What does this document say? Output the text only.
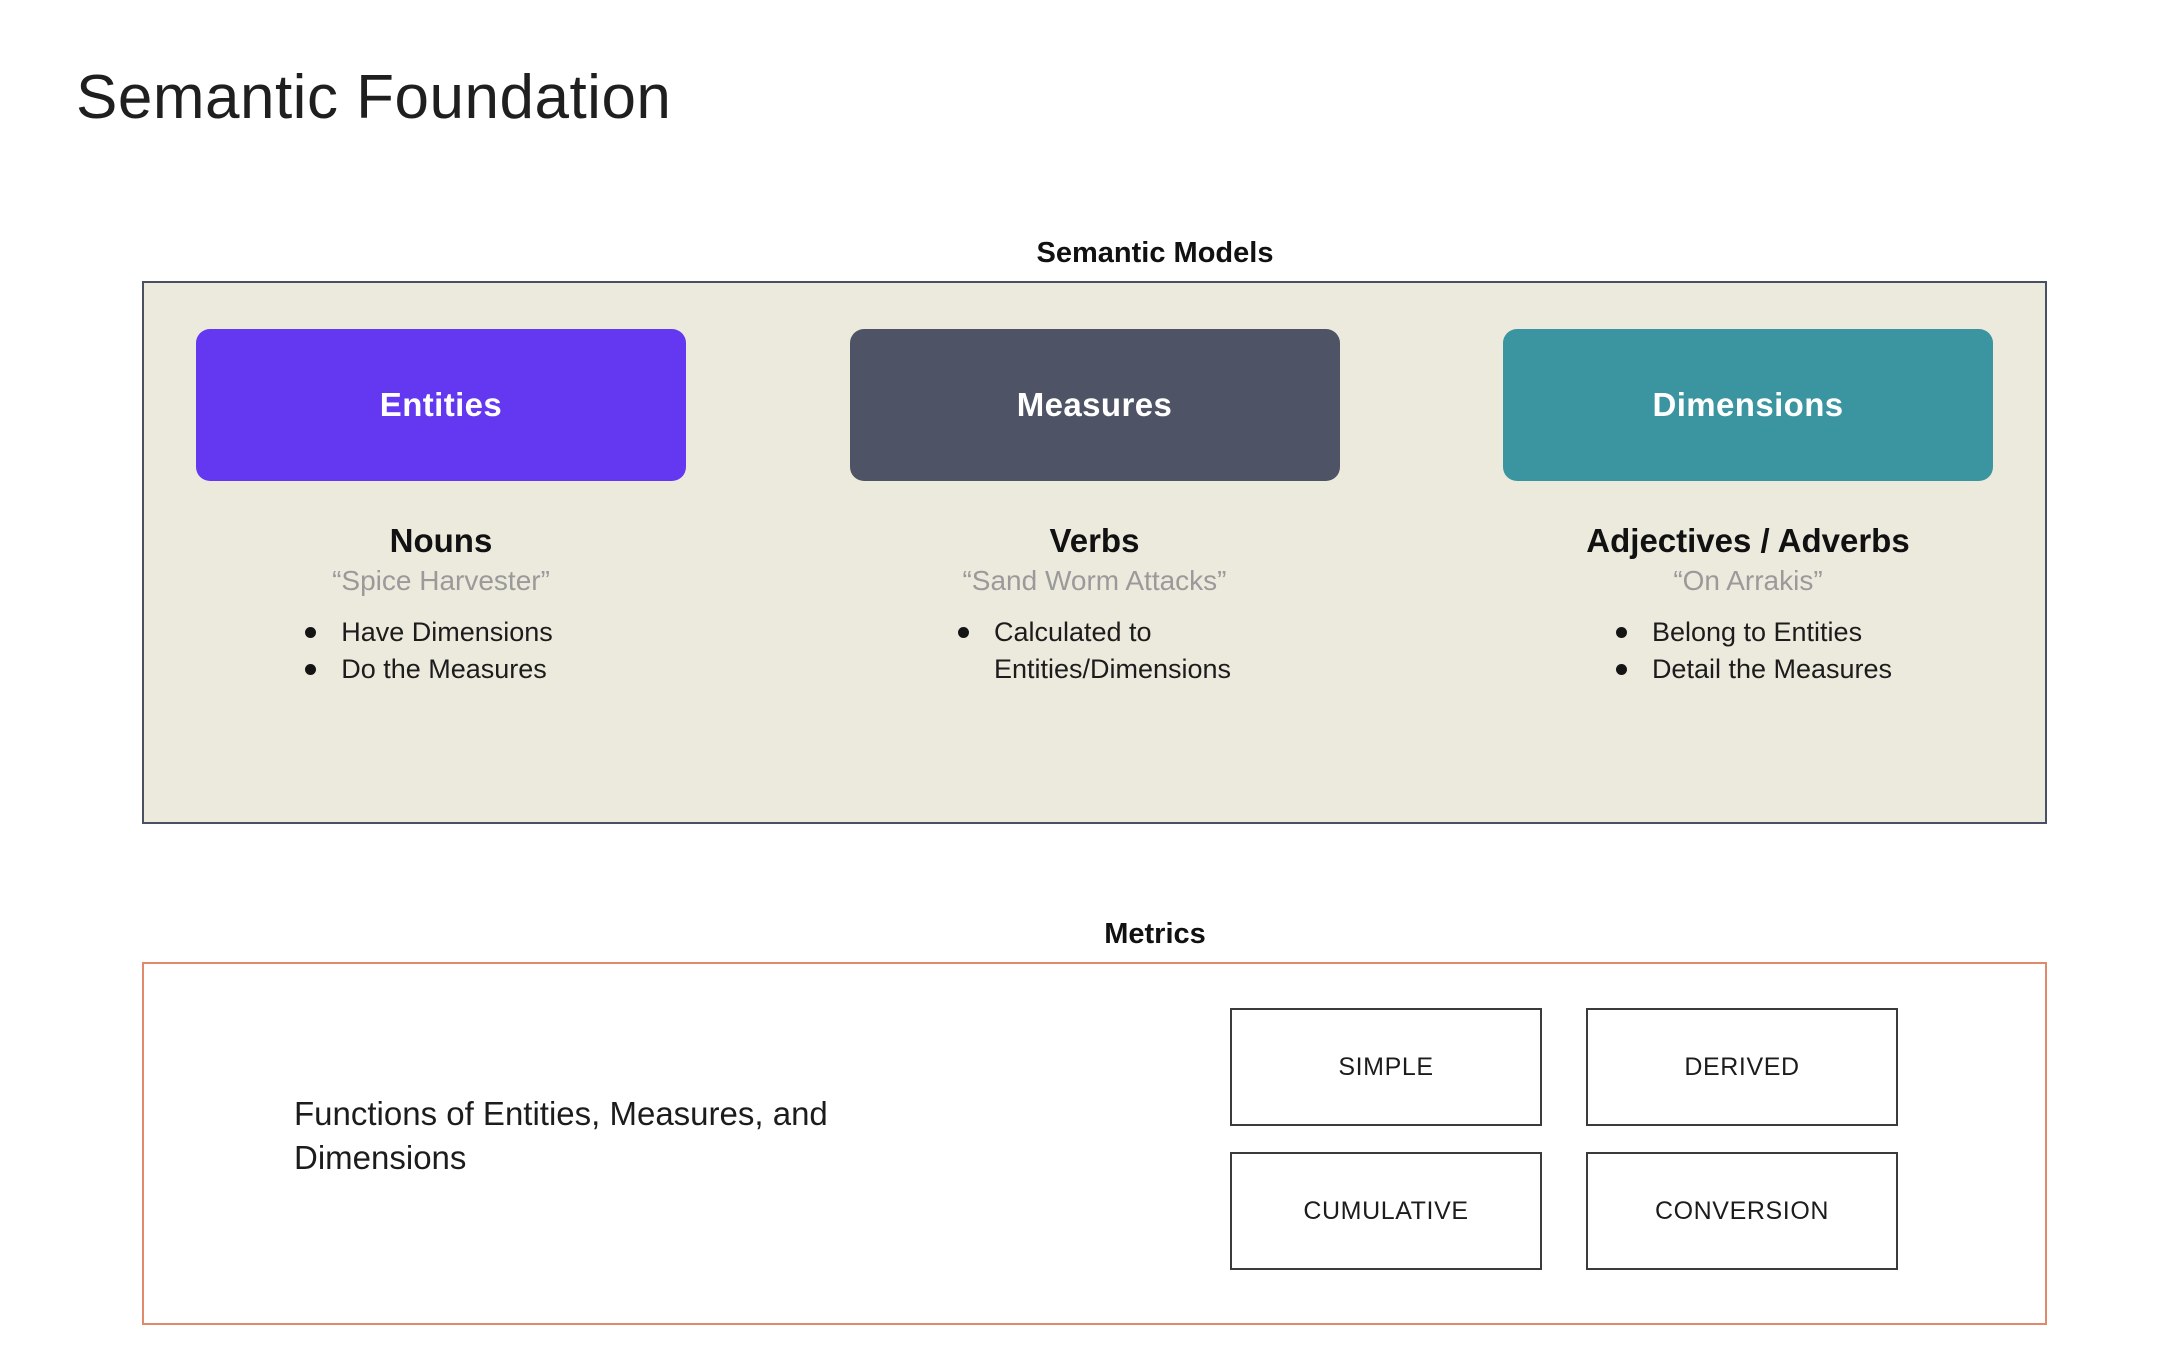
Semantic Foundation
Semantic Models
Entities
Nouns
“Spice Harvester”
Have Dimensions
Do the Measures
Measures
Verbs
“Sand Worm Attacks”
Calculated to
Entities/Dimensions
Dimensions
Adjectives / Adverbs
“On Arrakis”
Belong to Entities
Detail the Measures
Metrics
Functions of Entities, Measures, and Dimensions
SIMPLE	DERIVED
CUMULATIVE	CONVERSION
